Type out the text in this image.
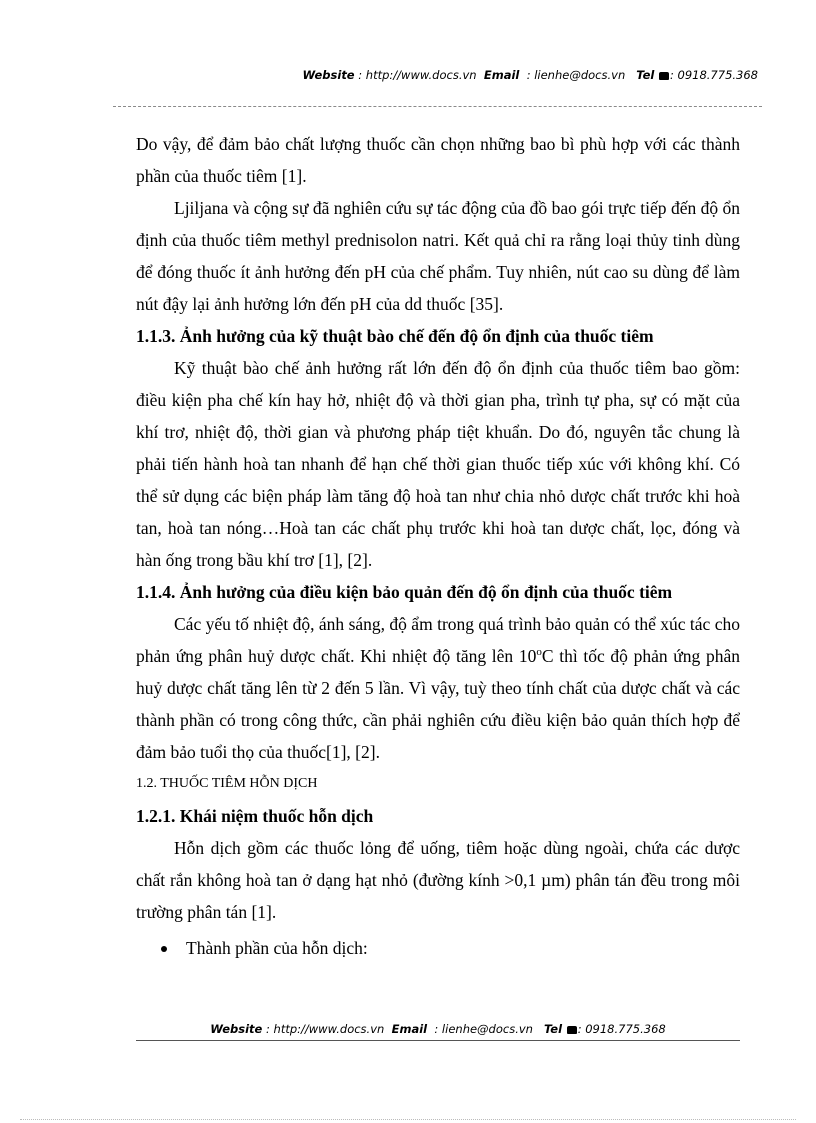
Website : http://www.docs.vn Email : lienhe@docs.vn Tel : 0918.775.368

Do vậy, để đảm bảo chất lượng thuốc cần chọn những bao bì phù hợp với các thành phần của thuốc tiêm [1].

Ljiljana và cộng sự đã nghiên cứu sự tác động của đồ bao gói trực tiếp đến độ ổn định của thuốc tiêm methyl prednisolon natri. Kết quả chỉ ra rằng loại thủy tinh dùng để đóng thuốc ít ảnh hưởng đến pH của chế phẩm. Tuy nhiên, nút cao su dùng để làm nút đậy lại ảnh hưởng lớn đến pH của dd thuốc [35].

1.1.3. Ảnh hưởng của kỹ thuật bào chế đến độ ổn định của thuốc tiêm

Kỹ thuật bào chế ảnh hưởng rất lớn đến độ ổn định của thuốc tiêm bao gồm: điều kiện pha chế kín hay hở, nhiệt độ và thời gian pha, trình tự pha, sự có mặt của khí trơ, nhiệt độ, thời gian và phương pháp tiệt khuẩn. Do đó, nguyên tắc chung là phải tiến hành hoà tan nhanh để hạn chế thời gian thuốc tiếp xúc với không khí. Có thể sử dụng các biện pháp làm tăng độ hoà tan như chia nhỏ dược chất trước khi hoà tan, hoà tan nóng…Hoà tan các chất phụ trước khi hoà tan dược chất, lọc, đóng và hàn ống trong bầu khí trơ [1], [2].

1.1.4. Ảnh hưởng của điều kiện bảo quản đến độ ổn định của thuốc tiêm

Các yếu tố nhiệt độ, ánh sáng, độ ẩm trong quá trình bảo quản có thể xúc tác cho phản ứng phân huỷ dược chất. Khi nhiệt độ tăng lên 10$^o$C thì tốc độ phản ứng phân huỷ dược chất tăng lên từ 2 đến 5 lần. Vì vậy, tuỳ theo tính chất của dược chất và các thành phần có trong công thức, cần phải nghiên cứu điều kiện bảo quản thích hợp để đảm bảo tuổi thọ của thuốc[1], [2].

1.2. THUỐC TIÊM HỖN DỊCH

1.2.1. Khái niệm thuốc hỗn dịch

Hỗn dịch gồm các thuốc lỏng để uống, tiêm hoặc dùng ngoài, chứa các dược chất rắn không hoà tan ở dạng hạt nhỏ (đường kính >0,1 µm) phân tán đều trong môi trường phân tán [1].

Thành phần của hỗn dịch:
Website : http://www.docs.vn Email : lienhe@docs.vn Tel : 0918.775.368
